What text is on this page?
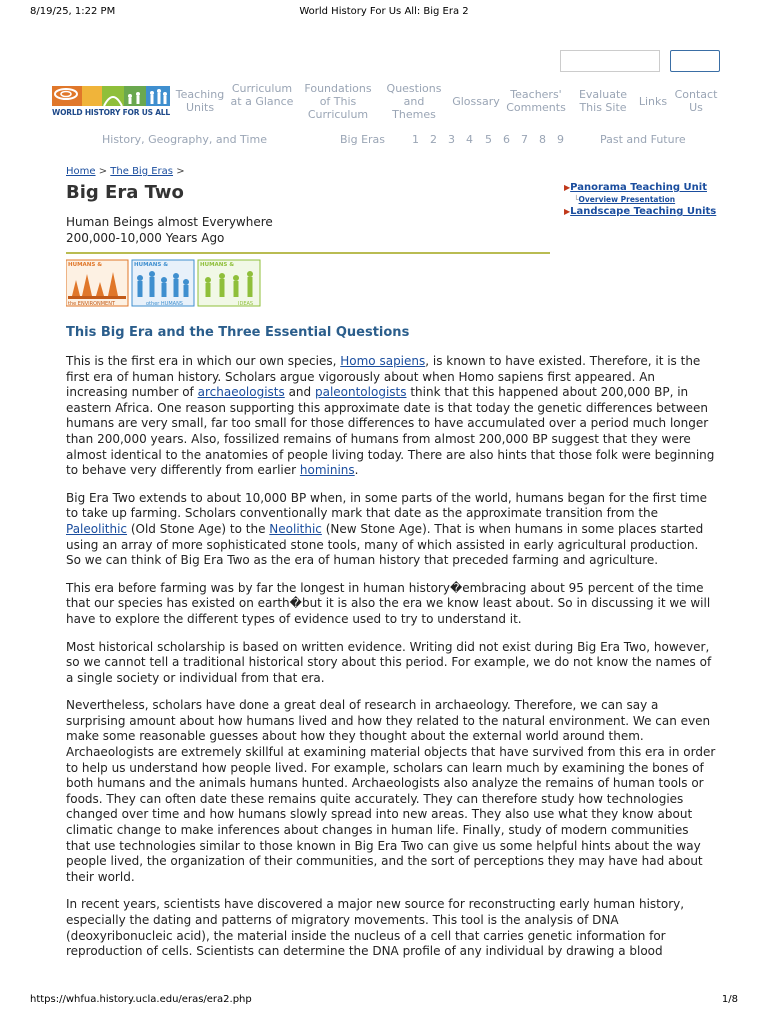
8/19/25, 1:22 PM	World History For Us All: Big Era 2
WORLD HISTORY FOR US ALL
Teaching Units
Curriculum at a Glance
Foundations of This Curriculum
Questions and Themes
Glossary
Teachers' Comments
Evaluate This Site	Links
Contact Us
History, Geography, and Time	Big Eras 1 2 3 4 5 6 7 8 9	Past and Future
Home > The Big Eras >
Big Era Two
Human Beings almost Everywhere
200,000-10,000 Years Ago
HUMANS &
the ENVIRONMENT
HUMANS &
other HUMANS
HUMANS &
IDEAS
▶Panorama Teaching Unit
└Overview Presentation
▶Landscape Teaching Units
This Big Era and the Three Essential Questions

This is the first era in which our own species, Homo sapiens, is known to have existed. Therefore, it is the first era of human history. Scholars argue vigorously about when Homo sapiens first appeared. An increasing number of archaeologists and paleontologists think that this happened about 200,000 BP, in eastern Africa. One reason supporting this approximate date is that today the genetic differences between humans are very small, far too small for those differences to have accumulated over a period much longer than 200,000 years. Also, fossilized remains of humans from almost 200,000 BP suggest that they were almost identical to the anatomies of people living today. There are also hints that those folk were beginning to behave very differently from earlier hominins.

Big Era Two extends to about 10,000 BP when, in some parts of the world, humans began for the first time to take up farming. Scholars conventionally mark that date as the approximate transition from the Paleolithic (Old Stone Age) to the Neolithic (New Stone Age). That is when humans in some places started using an array of more sophisticated stone tools, many of which assisted in early agricultural production. So we can think of Big Era Two as the era of human history that preceded farming and agriculture.

This era before farming was by far the longest in human history�embracing about 95 percent of the time that our species has existed on earth�but it is also the era we know least about. So in discussing it we will have to explore the different types of evidence used to try to understand it.

Most historical scholarship is based on written evidence. Writing did not exist during Big Era Two, however, so we cannot tell a traditional historical story about this period. For example, we do not know the names of a single society or individual from that era.

Nevertheless, scholars have done a great deal of research in archaeology. Therefore, we can say a surprising amount about how humans lived and how they related to the natural environment. We can even make some reasonable guesses about how they thought about the external world around them. Archaeologists are extremely skillful at examining material objects that have survived from this era in order to help us understand how people lived. For example, scholars can learn much by examining the bones of both humans and the animals humans hunted. Archaeologists also analyze the remains of human tools or foods. They can often date these remains quite accurately. They can therefore study how technologies changed over time and how humans slowly spread into new areas. They also use what they know about climatic change to make inferences about changes in human life. Finally, study of modern communities that use technologies similar to those known in Big Era Two can give us some helpful hints about the way people lived, the organization of their communities, and the sort of perceptions they may have had about their world.

In recent years, scientists have discovered a major new source for reconstructing early human history, especially the dating and patterns of migratory movements. This tool is the analysis of DNA (deoxyribonucleic acid), the material inside the nucleus of a cell that carries genetic information for reproduction of cells. Scientists can determine the DNA profile of any individual by drawing a blood

https://whfua.history.ucla.edu/eras/era2.php	1/8
